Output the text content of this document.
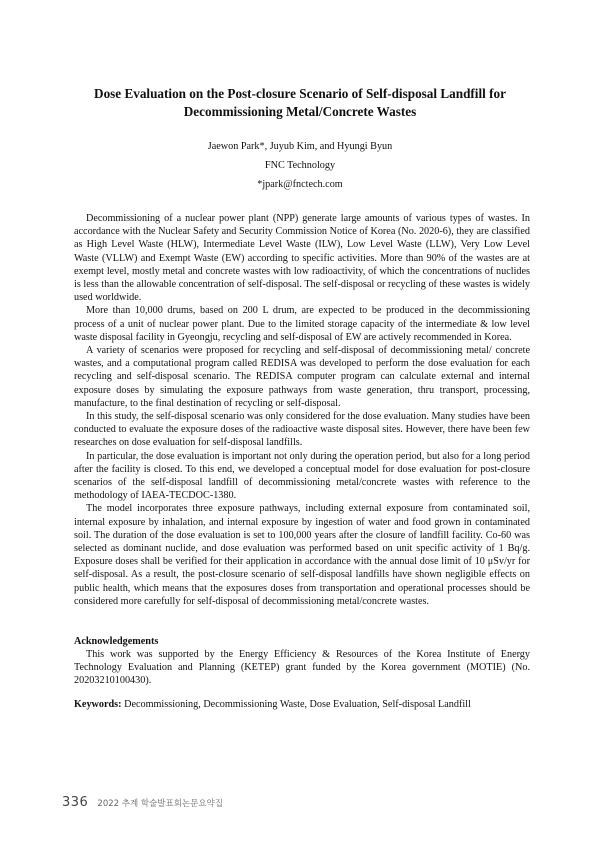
Dose Evaluation on the Post-closure Scenario of Self-disposal Landfill for
Decommissioning Metal/Concrete Wastes
Jaewon Park*, Juyub Kim, and Hyungi Byun
FNC Technology
*jpark@fnctech.com

Decommissioning of a nuclear power plant (NPP) generate large amounts of various types of wastes. In accordance with the Nuclear Safety and Security Commission Notice of Korea (No. 2020-6), they are classified as High Level Waste (HLW), Intermediate Level Waste (ILW), Low Level Waste (LLW), Very Low Level Waste (VLLW) and Exempt Waste (EW) according to specific activities. More than 90% of the wastes are at exempt level, mostly metal and concrete wastes with low radioactivity, of which the concentrations of nuclides is less than the allowable concentration of self-disposal. The self-disposal or recycling of these wastes is widely used worldwide.

More than 10,000 drums, based on 200 L drum, are expected to be produced in the decommissioning process of a unit of nuclear power plant. Due to the limited storage capacity of the intermediate & low level waste disposal facility in Gyeongju, recycling and self-disposal of EW are actively recommended in Korea.

A variety of scenarios were proposed for recycling and self-disposal of decommissioning metal/ concrete wastes, and a computational program called REDISA was developed to perform the dose evaluation for each recycling and self-disposal scenario. The REDISA computer program can calculate external and internal exposure doses by simulating the exposure pathways from waste generation, thru transport, processing, manufacture, to the final destination of recycling or self-disposal.

In this study, the self-disposal scenario was only considered for the dose evaluation. Many studies have been conducted to evaluate the exposure doses of the radioactive waste disposal sites. However, there have been few researches on dose evaluation for self-disposal landfills.

In particular, the dose evaluation is important not only during the operation period, but also for a long period after the facility is closed. To this end, we developed a conceptual model for dose evaluation for post-closure scenarios of the self-disposal landfill of decommissioning metal/concrete wastes with reference to the methodology of IAEA-TECDOC-1380.

The model incorporates three exposure pathways, including external exposure from contaminated soil, internal exposure by inhalation, and internal exposure by ingestion of water and food grown in contaminated soil. The duration of the dose evaluation is set to 100,000 years after the closure of landfill facility. Co-60 was selected as dominant nuclide, and dose evaluation was performed based on unit specific activity of 1 Bq/g. Exposure doses shall be verified for their application in accordance with the annual dose limit of 10 μSv/yr for self-disposal. As a result, the post-closure scenario of self-disposal landfills have shown negligible effects on public health, which means that the exposures doses from transportation and operational processes should be considered more carefully for self-disposal of decommissioning metal/concrete wastes.

Acknowledgements

This work was supported by the Energy Efficiency & Resources of the Korea Institute of Energy Technology Evaluation and Planning (KETEP) grant funded by the Korea government (MOTIE) (No. 20203210100430).

Keywords: Decommissioning, Decommissioning Waste, Dose Evaluation, Self-disposal Landfill
336 2022 추계 학술발표회논문요약집
